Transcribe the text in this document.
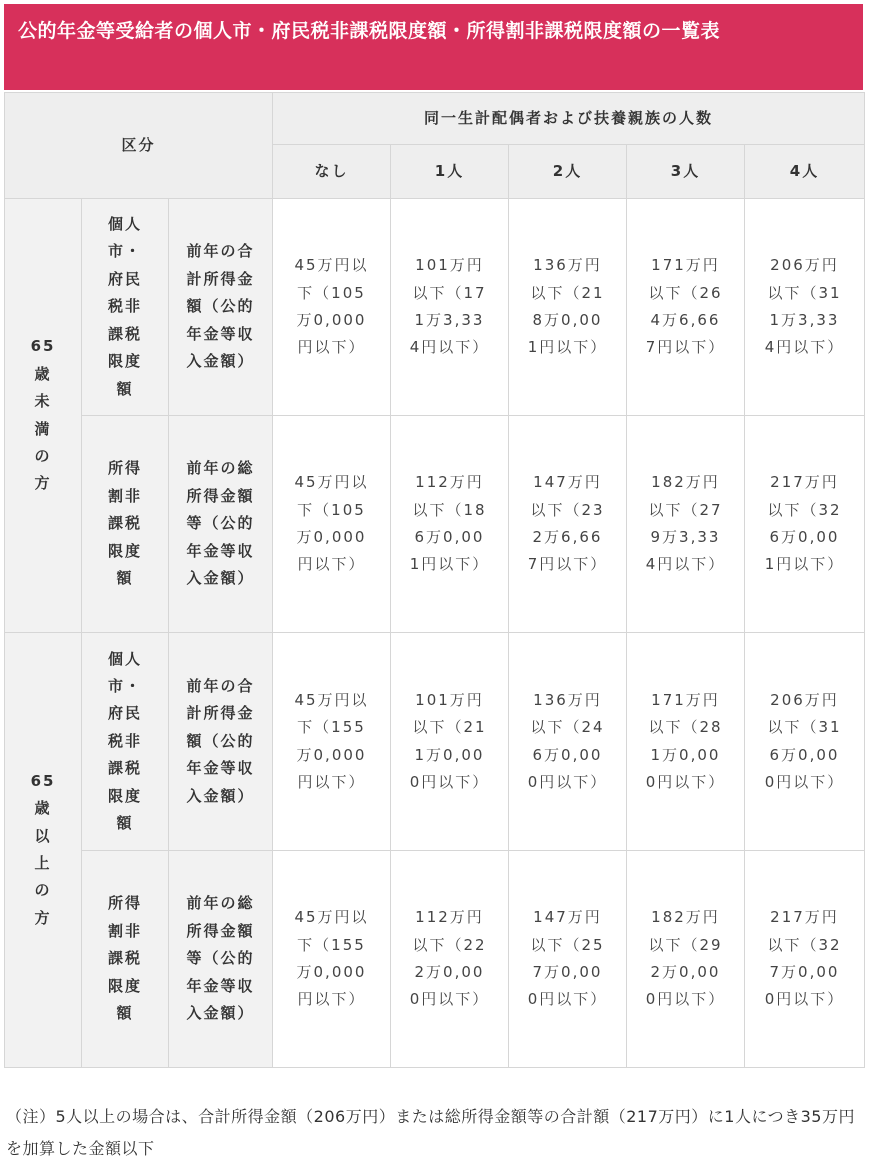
公的年金等受給者の個人市・府民税非課税限度額・所得割非課税限度額の一覧表
区分			同一生計配偶者および扶養親族の人数				
			なし	1人	2人	3人	4人
65歳未満の方	個人市・府民税非課税限度額	前年の合計所得金額（公的年金等収入金額）	45万円以下（105万0,000円以下）	101万円以下（171万3,334円以下）	136万円以下（218万0,001円以下）	171万円以下（264万6,667円以下）	206万円以下（311万3,334円以下）
	所得割非課税限度額	前年の総所得金額等（公的年金等収入金額）	45万円以下（105万0,000円以下）	112万円以下（186万0,001円以下）	147万円以下（232万6,667円以下）	182万円以下（279万3,334円以下）	217万円以下（326万0,001円以下）
65歳以上の方	個人市・府民税非課税限度額	前年の合計所得金額（公的年金等収入金額）	45万円以下（155万0,000円以下）	101万円以下（211万0,000円以下）	136万円以下（246万0,000円以下）	171万円以下（281万0,000円以下）	206万円以下（316万0,000円以下）
	所得割非課税限度額	前年の総所得金額等（公的年金等収入金額）	45万円以下（155万0,000円以下）	112万円以下（222万0,000円以下）	147万円以下（257万0,000円以下）	182万円以下（292万0,000円以下）	217万円以下（327万0,000円以下）
（注）5人以上の場合は、合計所得金額（206万円）または総所得金額等の合計額（217万円）に1人につき35万円を加算した金額以下
